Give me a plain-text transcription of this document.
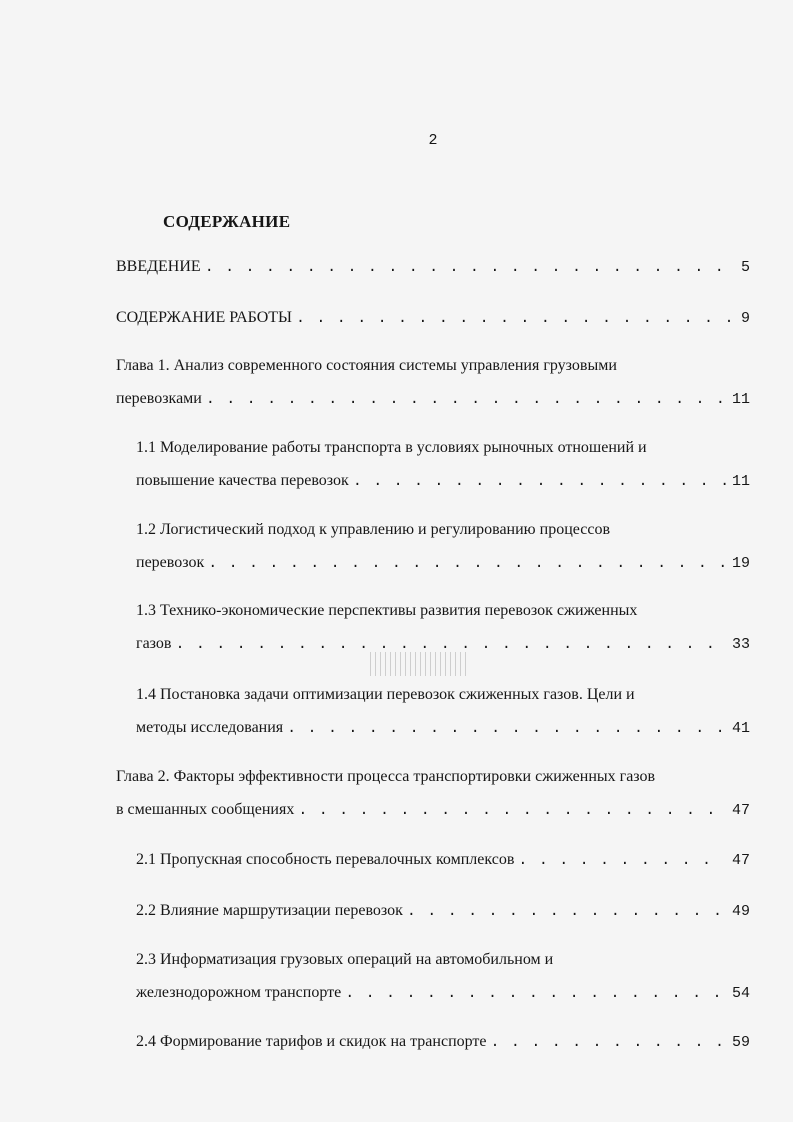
2
СОДЕРЖАНИЕ
ВВЕДЕНИЕ . . .	5
СОДЕРЖАНИЕ РАБОТЫ . . .	9
Глава 1. Анализ современного состояния системы управления грузовыми
перевозками . . .	11
1.1 Моделирование работы транспорта в условиях рыночных отношений и
повышение качества перевозок . . .	11
1.2 Логистический подход к управлению и регулированию процессов
перевозок . . .	19
1.3 Технико-экономические перспективы развития перевозок сжиженных
газов . . .	33
1.4 Постановка задачи оптимизации перевозок сжиженных газов. Цели и
методы исследования . . .	41
Глава 2. Факторы эффективности процесса транспортировки сжиженных газов
в смешанных сообщениях . . .	47
2.1 Пропускная способность перевалочных комплексов . . .	47
2.2 Влияние маршрутизации перевозок . . .	49
2.3 Информатизация грузовых операций на автомобильном и
железнодорожном транспорте . . .	54
2.4 Формирование тарифов и скидок на транспорте . . .	59
